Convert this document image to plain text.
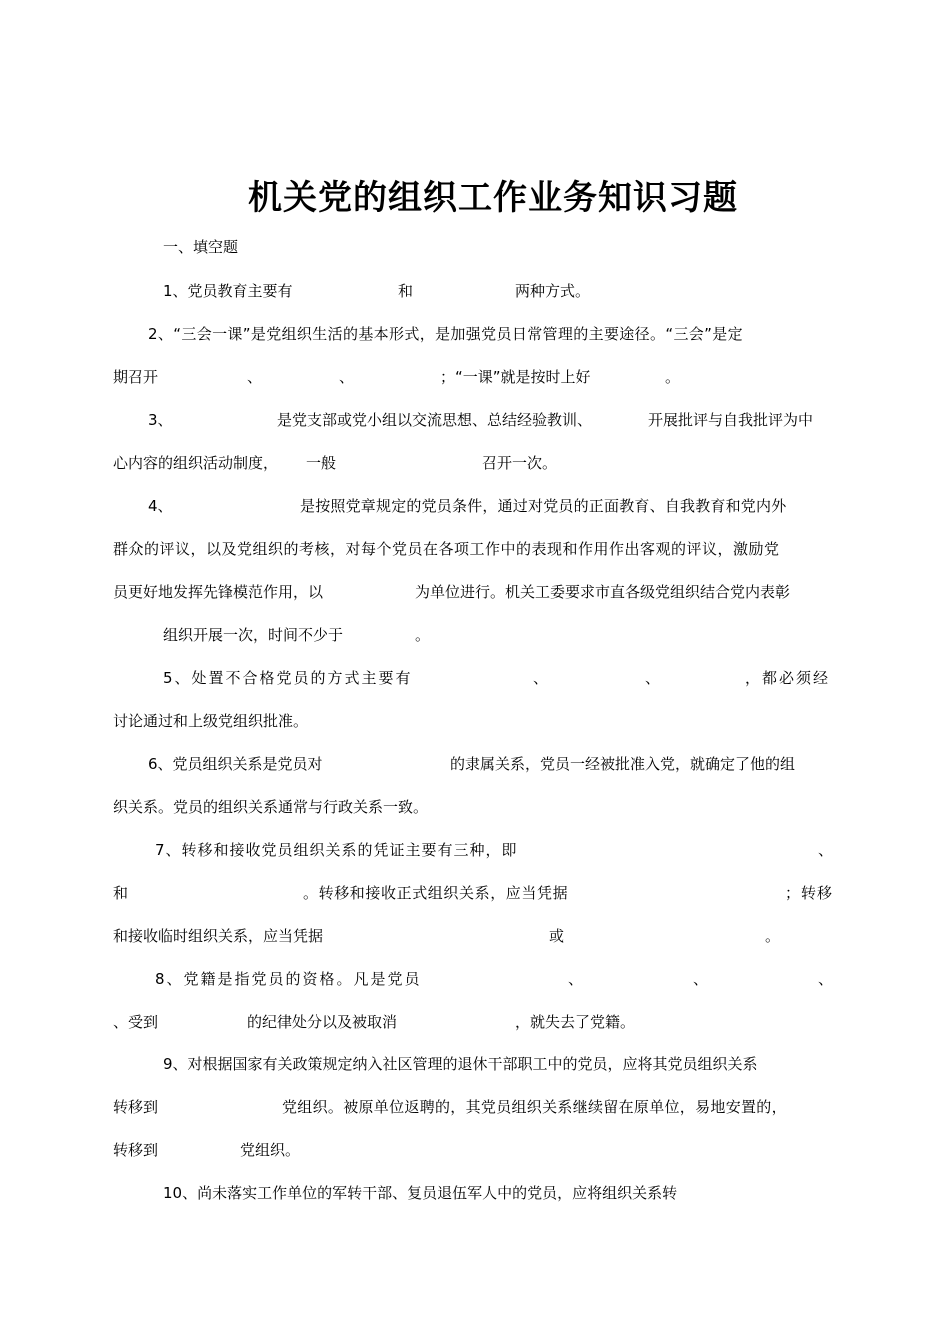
机关党的组织工作业务知识习题
一、填空题
1、党员教育主要有	和	两种方式。
2、“三会一课”是党组织生活的基本形式，是加强党员日常管理的主要途径。“三会”是定
期召开	、	、	；“一课”就是按时上好	。
3、	是党支部或党小组以交流思想、总结经验教训、	开展批评与自我批评为中
心内容的组织活动制度， 一般	召开一次。
4、	是按照党章规定的党员条件，通过对党员的正面教育、自我教育和党内外
群众的评议，以及党组织的考核，对每个党员在各项工作中的表现和作用作出客观的评议，激励党
员更好地发挥先锋模范作用，以	为单位进行。机关工委要求市直各级党组织结合党内表彰
组织开展一次，时间不少于	。
5、处置不合格党员的方式主要有	、	、	，都必须经
讨论通过和上级党组织批准。
6、党员组织关系是党员对	的隶属关系，党员一经被批准入党，就确定了他的组
织关系。党员的组织关系通常与行政关系一致。
7、转移和接收党员组织关系的凭证主要有三种，即	、
和	。转移和接收正式组织关系，应当凭据	；转移
和接收临时组织关系，应当凭据	或	。
8、党籍是指党员的资格。凡是党员	、	、	、
、受到	的纪律处分以及被取消	，就失去了党籍。
9、对根据国家有关政策规定纳入社区管理的退休干部职工中的党员，应将其党员组织关系
转移到	党组织。被原单位返聘的，其党员组织关系继续留在原单位，易地安置的，
转移到	党组织。
10、尚未落实工作单位的军转干部、复员退伍军人中的党员，应将组织关系转
